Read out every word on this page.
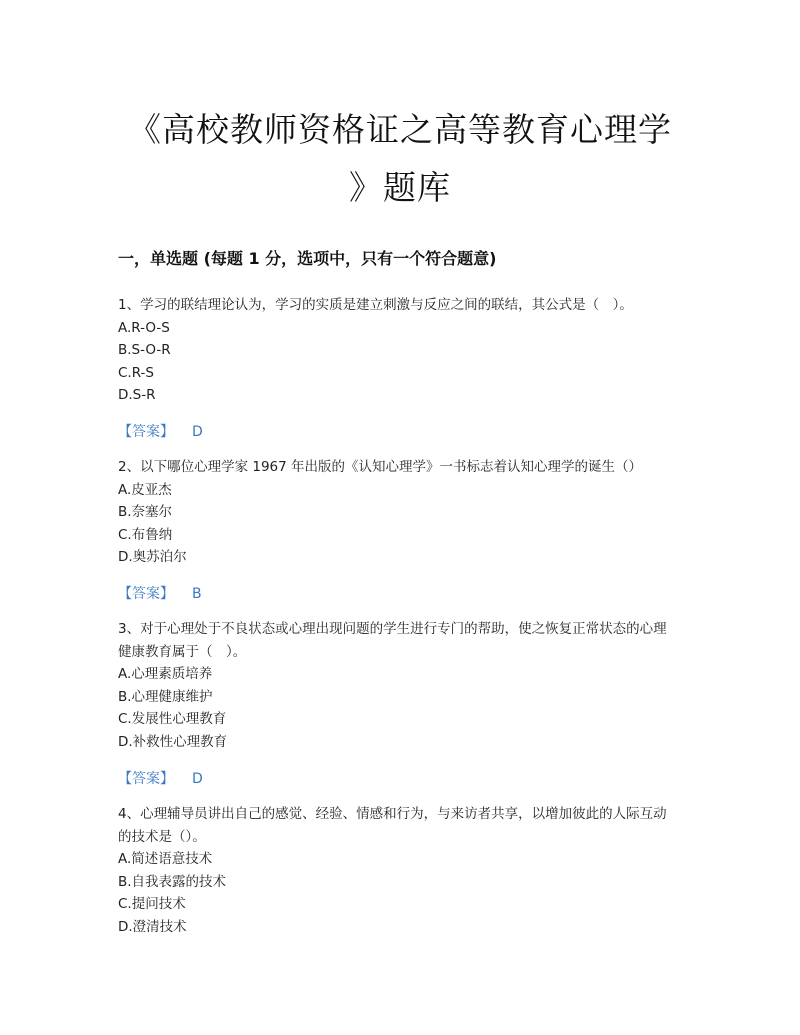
《高校教师资格证之高等教育心理学
》题库
一，单选题 (每题 1 分，选项中，只有一个符合题意)
1、学习的联结理论认为，学习的实质是建立刺激与反应之间的联结，其公式是（　）。
A.R-O-S
B.S-O-R
C.R-S
D.S-R
【答案】 D
2、以下哪位心理学家 1967 年出版的《认知心理学》一书标志着认知心理学的诞生（）
A.皮亚杰
B.奈塞尔
C.布鲁纳
D.奥苏泊尔
【答案】 B
3、对于心理处于不良状态或心理出现问题的学生进行专门的帮助，使之恢复正常状态的心理健康教育属于（　）。
A.心理素质培养
B.心理健康维护
C.发展性心理教育
D.补救性心理教育
【答案】 D
4、心理辅导员讲出自己的感觉、经验、情感和行为，与来访者共享，以增加彼此的人际互动的技术是（）。
A.简述语意技术
B.自我表露的技术
C.提问技术
D.澄清技术
